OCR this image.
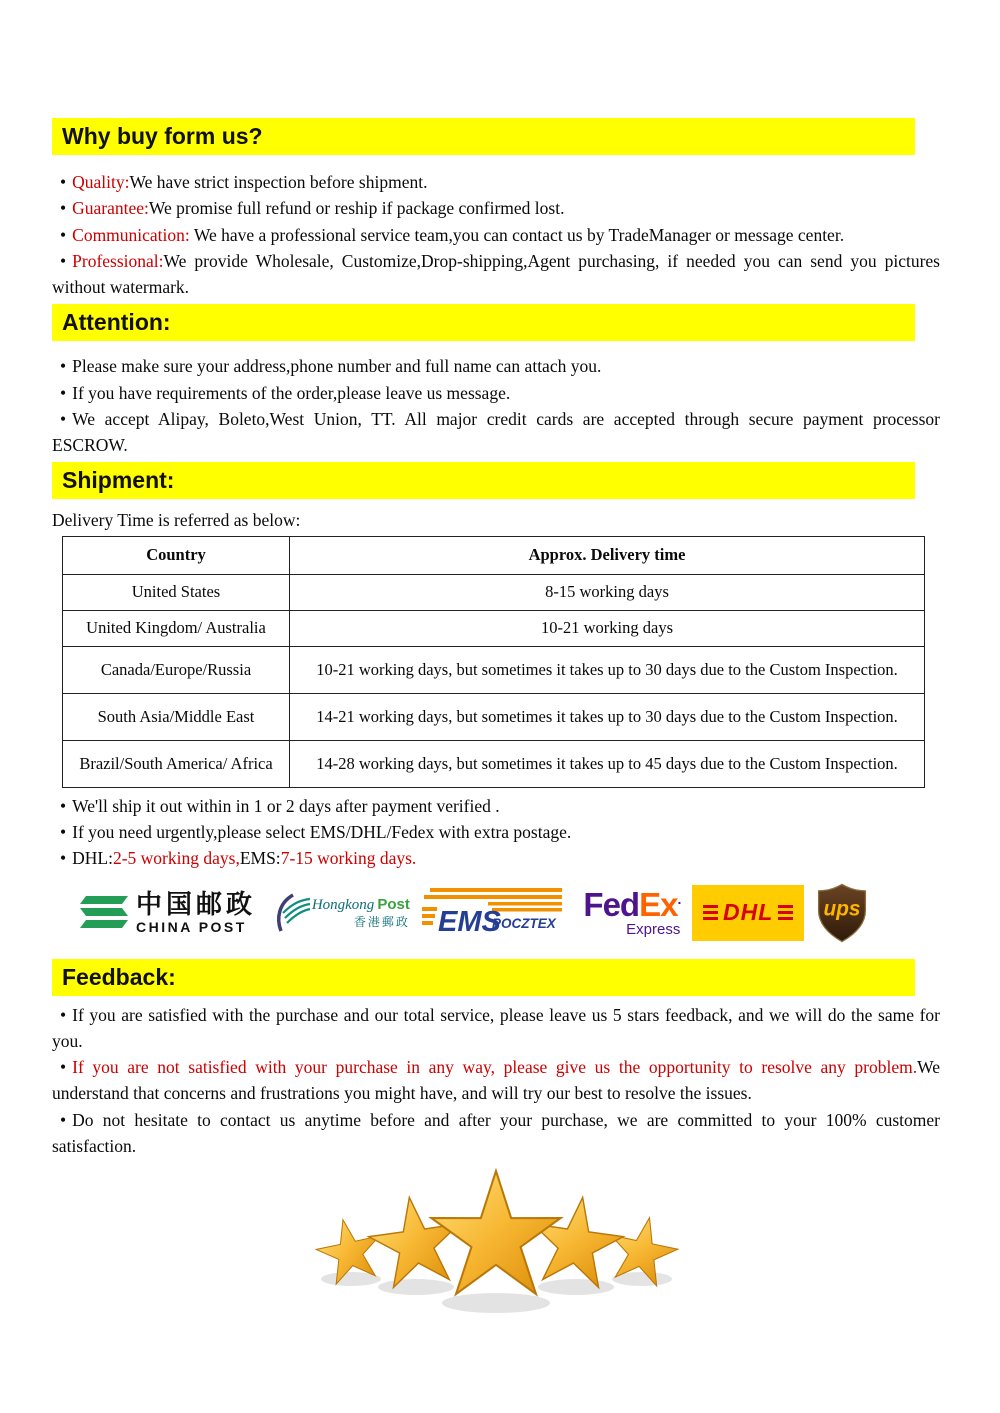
Why buy form us?

• Quality:We have strict inspection before shipment.

• Guarantee:We promise full refund or reship if package confirmed lost.

• Communication: We have a professional service team,you can contact us by TradeManager or message center.

• Professional:We provide Wholesale, Customize,Drop-shipping,Agent purchasing, if needed you can send you pictures without watermark.

Attention:

• Please make sure your address,phone number and full name can attach you.

• If you have requirements of the order,please leave us message.

• We accept Alipay, Boleto,West Union, TT. All major credit cards are accepted through secure payment processor ESCROW.

Shipment:

Delivery Time is referred as below:

Country	Approx. Delivery time
United States	8-15 working days
United Kingdom/ Australia	10-21 working days
Canada/Europe/Russia	10-21 working days, but sometimes it takes up to 30 days due to the Custom Inspection.
South Asia/Middle East	14-21 working days, but sometimes it takes up to 30 days due to the Custom Inspection.
Brazil/South America/ Africa	14-28 working days, but sometimes it takes up to 45 days due to the Custom Inspection.

• We'll ship it out within in 1 or 2 days after payment verified .

• If you need urgently,please select EMS/DHL/Fedex with extra postage.

• DHL:2-5 working days,EMS:7-15 working days.

中国邮政
CHINA POST
Hongkong Post
香港郵政 EMS
POCZTEX FedEx.
Express
DHL	ups
Feedback:

• If you are satisfied with the purchase and our total service, please leave us 5 stars feedback, and we will do the same for you.

• If you are not satisfied with your purchase in any way, please give us the opportunity to resolve any problem.We understand that concerns and frustrations you might have, and will try our best to resolve the issues.

• Do not hesitate to contact us anytime before and after your purchase, we are committed to your 100% customer satisfaction.
